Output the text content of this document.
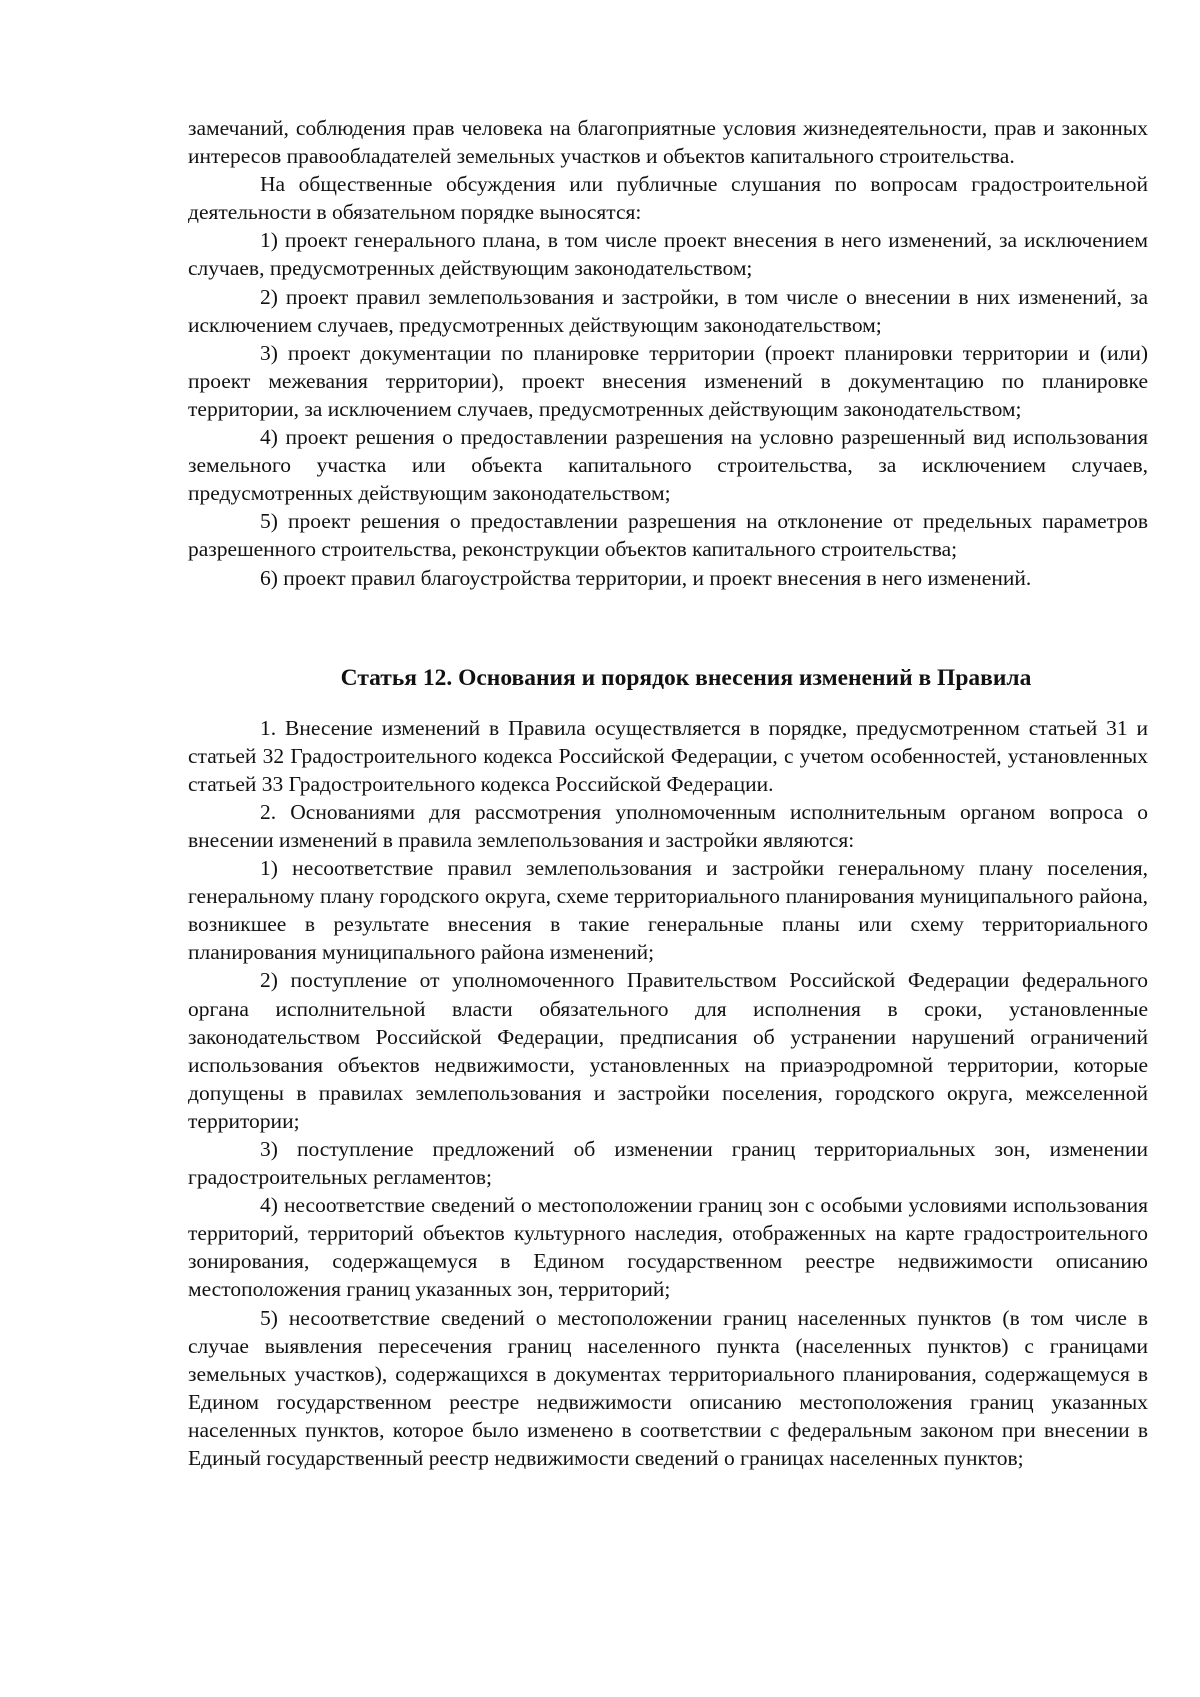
замечаний, соблюдения прав человека на благоприятные условия жизнедеятельности, прав и законных интересов правообладателей земельных участков и объектов капитального строительства.

На общественные обсуждения или публичные слушания по вопросам градостроительной деятельности в обязательном порядке выносятся:

1) проект генерального плана, в том числе проект внесения в него изменений, за исключением случаев, предусмотренных действующим законодательством;

2) проект правил землепользования и застройки, в том числе о внесении в них изменений, за исключением случаев, предусмотренных действующим законодательством;

3) проект документации по планировке территории (проект планировки территории и (или) проект межевания территории), проект внесения изменений в документацию по планировке территории, за исключением случаев, предусмотренных действующим законодательством;

4) проект решения о предоставлении разрешения на условно разрешенный вид использования земельного участка или объекта капитального строительства, за исключением случаев, предусмотренных действующим законодательством;

5) проект решения о предоставлении разрешения на отклонение от предельных параметров разрешенного строительства, реконструкции объектов капитального строительства;

6) проект правил благоустройства территории, и проект внесения в него изменений.

Статья 12. Основания и порядок внесения изменений в Правила

1. Внесение изменений в Правила осуществляется в порядке, предусмотренном статьей 31 и статьей 32 Градостроительного кодекса Российской Федерации, с учетом особенностей, установленных статьей 33 Градостроительного кодекса Российской Федерации.

2. Основаниями для рассмотрения уполномоченным исполнительным органом вопроса о внесении изменений в правила землепользования и застройки являются:

1) несоответствие правил землепользования и застройки генеральному плану поселения, генеральному плану городского округа, схеме территориального планирования муниципального района, возникшее в результате внесения в такие генеральные планы или схему территориального планирования муниципального района изменений;

2) поступление от уполномоченного Правительством Российской Федерации федерального органа исполнительной власти обязательного для исполнения в сроки, установленные законодательством Российской Федерации, предписания об устранении нарушений ограничений использования объектов недвижимости, установленных на приаэродромной территории, которые допущены в правилах землепользования и застройки поселения, городского округа, межселенной территории;

3) поступление предложений об изменении границ территориальных зон, изменении градостроительных регламентов;

4) несоответствие сведений о местоположении границ зон с особыми условиями использования территорий, территорий объектов культурного наследия, отображенных на карте градостроительного зонирования, содержащемуся в Едином государственном реестре недвижимости описанию местоположения границ указанных зон, территорий;

5) несоответствие сведений о местоположении границ населенных пунктов (в том числе в случае выявления пересечения границ населенного пункта (населенных пунктов) с границами земельных участков), содержащихся в документах территориального планирования, содержащемуся в Едином государственном реестре недвижимости описанию местоположения границ указанных населенных пунктов, которое было изменено в соответствии с федеральным законом при внесении в Единый государственный реестр недвижимости сведений о границах населенных пунктов;
